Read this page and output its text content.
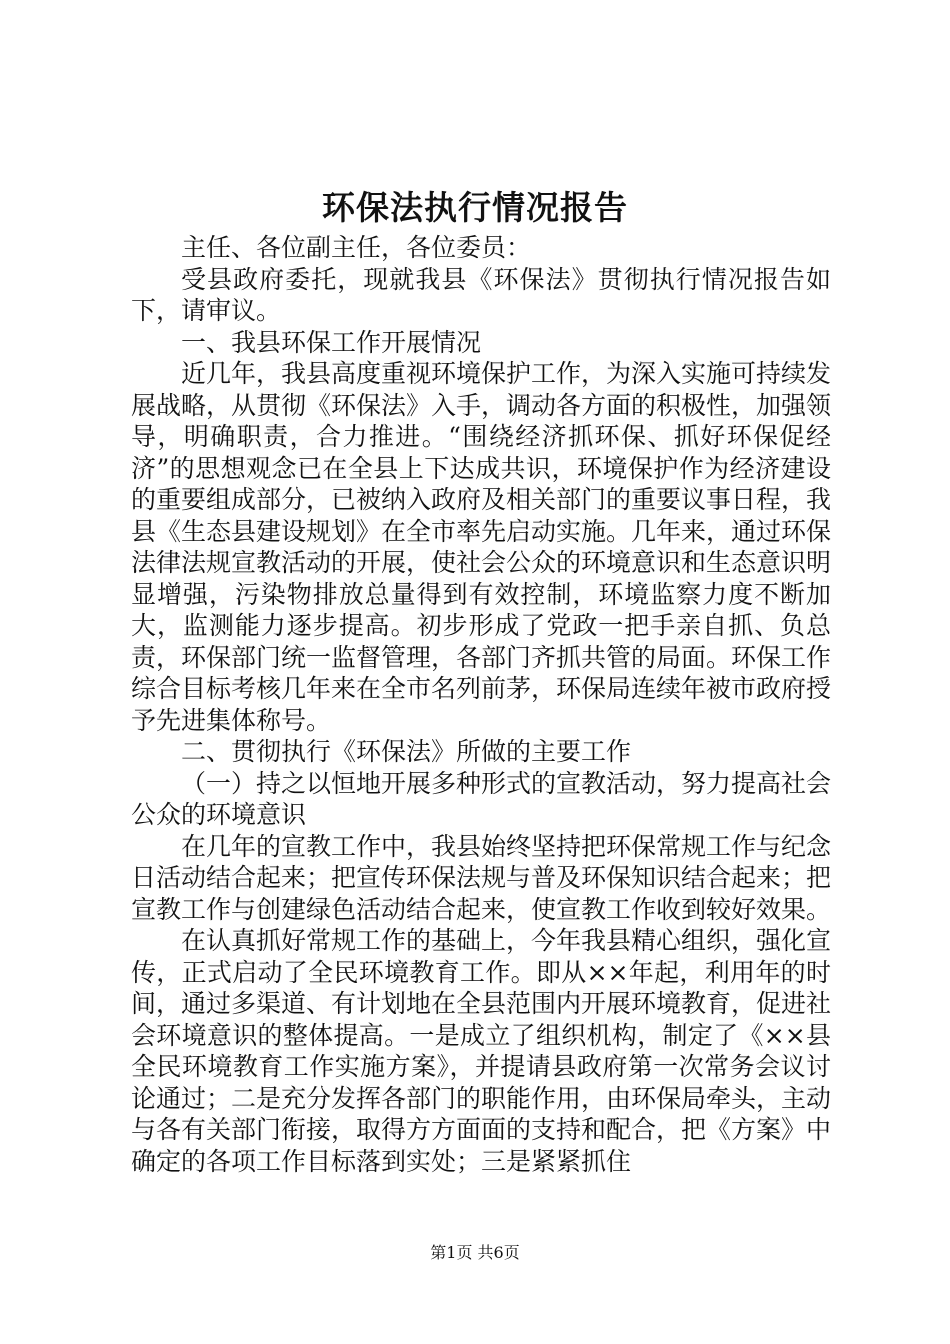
环保法执行情况报告

主任、各位副主任，各位委员：

受县政府委托，现就我县《环保法》贯彻执行情况报告如下，请审议。

一、我县环保工作开展情况

近几年，我县高度重视环境保护工作，为深入实施可持续发展战略，从贯彻《环保法》入手，调动各方面的积极性，加强领导，明确职责，合力推进。“围绕经济抓环保、抓好环保促经济”的思想观念已在全县上下达成共识，环境保护作为经济建设的重要组成部分，已被纳入政府及相关部门的重要议事日程，我县《生态县建设规划》在全市率先启动实施。几年来，通过环保法律法规宣教活动的开展，使社会公众的环境意识和生态意识明显增强，污染物排放总量得到有效控制，环境监察力度不断加大，监测能力逐步提高。初步形成了党政一把手亲自抓、负总责，环保部门统一监督管理，各部门齐抓共管的局面。环保工作综合目标考核几年来在全市名列前茅，环保局连续年被市政府授予先进集体称号。

二、贯彻执行《环保法》所做的主要工作

（一）持之以恒地开展多种形式的宣教活动，努力提高社会公众的环境意识

在几年的宣教工作中，我县始终坚持把环保常规工作与纪念日活动结合起来；把宣传环保法规与普及环保知识结合起来；把宣教工作与创建绿色活动结合起来，使宣教工作收到较好效果。

在认真抓好常规工作的基础上，今年我县精心组织，强化宣传，正式启动了全民环境教育工作。即从××年起，利用年的时间，通过多渠道、有计划地在全县范围内开展环境教育，促进社会环境意识的整体提高。一是成立了组织机构，制定了《××县全民环境教育工作实施方案》，并提请县政府第一次常务会议讨论通过；二是充分发挥各部门的职能作用，由环保局牵头，主动与各有关部门衔接，取得方方面面的支持和配合，把《方案》中确定的各项工作目标落到实处；三是紧紧抓住

第1页 共6页
